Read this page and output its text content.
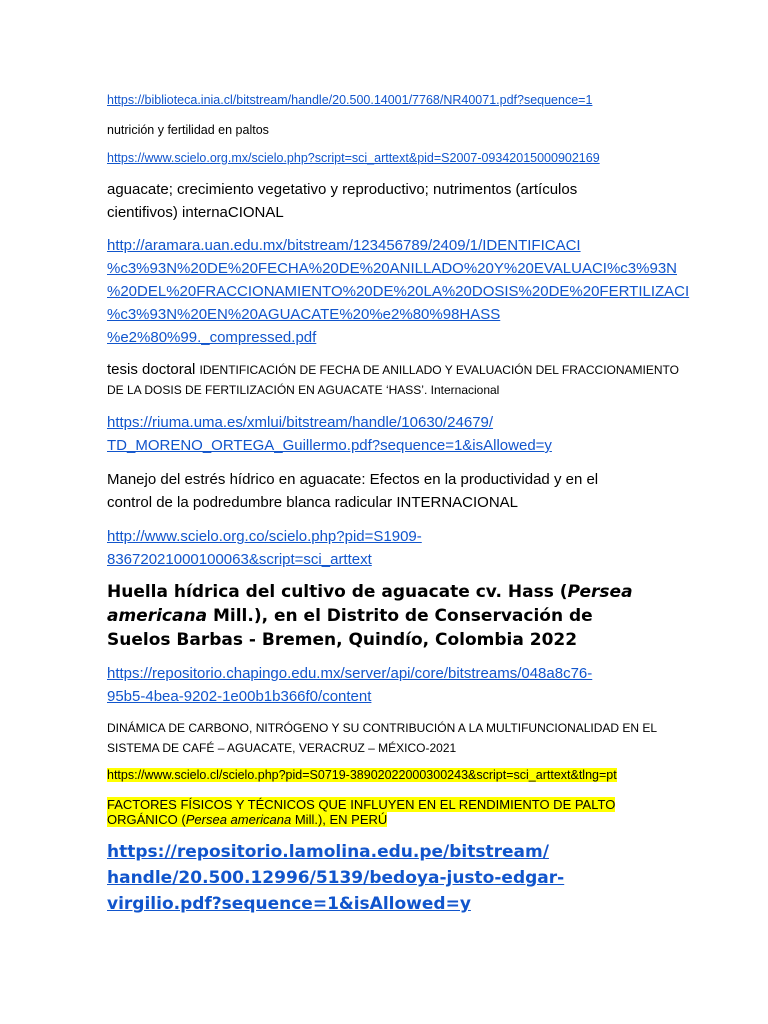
https://biblioteca.inia.cl/bitstream/handle/20.500.14001/7768/NR40071.pdf?sequence=1
nutrición y fertilidad en paltos
https://www.scielo.org.mx/scielo.php?script=sci_arttext&pid=S2007-09342015000902169
aguacate; crecimiento vegetativo y reproductivo; nutrimentos (artículos
cientifivos) internaCIONAL
http://aramara.uan.edu.mx/bitstream/123456789/2409/1/IDENTIFICACI
%c3%93N%20DE%20FECHA%20DE%20ANILLADO%20Y%20EVALUACI%c3%93N
%20DEL%20FRACCIONAMIENTO%20DE%20LA%20DOSIS%20DE%20FERTILIZACI
%c3%93N%20EN%20AGUACATE%20%e2%80%98HASS
%e2%80%99._compressed.pdf
tesis doctoral IDENTIFICACIÓN DE FECHA DE ANILLADO Y EVALUACIÓN DEL FRACCIONAMIENTO
DE LA DOSIS DE FERTILIZACIÓN EN AGUACATE ‘HASS’. Internacional
https://riuma.uma.es/xmlui/bitstream/handle/10630/24679/
TD_MORENO_ORTEGA_Guillermo.pdf?sequence=1&isAllowed=y
Manejo del estrés hídrico en aguacate: Efectos en la productividad y en el
control de la podredumbre blanca radicular INTERNACIONAL
http://www.scielo.org.co/scielo.php?pid=S1909-
83672021000100063&script=sci_arttext
Huella hídrica del cultivo de aguacate cv. Hass (Persea
americana Mill.), en el Distrito de Conservación de
Suelos Barbas - Bremen, Quindío, Colombia 2022
https://repositorio.chapingo.edu.mx/server/api/core/bitstreams/048a8c76-
95b5-4bea-9202-1e00b1b366f0/content
DINÁMICA DE CARBONO, NITRÓGENO Y SU CONTRIBUCIÓN A LA MULTIFUNCIONALIDAD EN EL
SISTEMA DE CAFÉ – AGUACATE, VERACRUZ – MÉXICO-2021
https://www.scielo.cl/scielo.php?pid=S0719-38902022000300243&script=sci_arttext&tlng=pt
FACTORES FÍSICOS Y TÉCNICOS QUE INFLUYEN EN EL RENDIMIENTO DE PALTO
ORGÁNICO (Persea americana Mill.), EN PERÚ
https://repositorio.lamolina.edu.pe/bitstream/
handle/20.500.12996/5139/bedoya-justo-edgar-
virgilio.pdf?sequence=1&isAllowed=y
